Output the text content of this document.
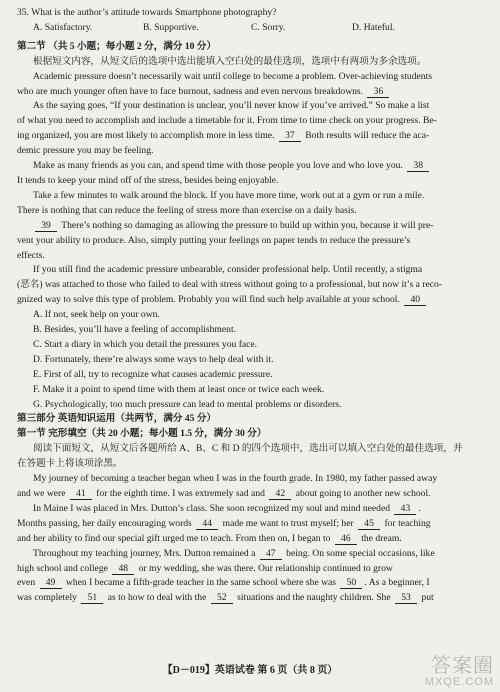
35. What is the author’s attitude towards Smartphone photography?
A. Satisfactory.	B. Supportive.	C. Sorry.	D. Hateful.
第二节 （共 5 小题；每小题 2 分，满分 10 分）
根据短文内容，从短文后的选项中选出能填入空白处的最佳选项，选项中有两项为多余选项。
Academic pressure doesn’t necessarily wait until college to become a problem. Over-achieving students
who are much younger often have to face burnout, sadness and even nervous breakdowns. 36
As the saying goes, “If your destination is unclear, you’ll never know if you’ve arrived.” So make a list
of what you need to accomplish and include a timetable for it. From time to time check on your progress. Be-
ing organized, you are most likely to accomplish more in less time. 37 Both results will reduce the aca-
demic pressure you may be feeling.
Make as many friends as you can, and spend time with those people you love and who love you. 38
It tends to keep your mind off of the stress, besides being enjoyable.
Take a few minutes to walk around the block. If you have more time, work out at a gym or run a mile.
There is nothing that can reduce the feeling of stress more than exercise on a daily basis.
39 There’s nothing so damaging as allowing the pressure to build up within you, because it will pre-
vent your ability to produce. Also, simply putting your feelings on paper tends to reduce the pressure’s
effects.
If you still find the academic pressure unbearable, consider professional help. Until recently, a stigma
(恶名) was attached to those who failed to deal with stress without going to a professional, but now it’s a reco-
gnized way to solve this type of problem. Probably you will find such help available at your school. 40
A. If not, seek help on your own.
B. Besides, you’ll have a feeling of accomplishment.
C. Start a diary in which you detail the pressures you face.
D. Fortunately, there’re always some ways to help deal with it.
E. First of all, try to recognize what causes academic pressure.
F. Make it a point to spend time with them at least once or twice each week.
G. Psychologically, too much pressure can lead to mental problems or disorders.
第三部分 英语知识运用（共两节，满分 45 分）
第一节 完形填空（共 20 小题；每小题 1.5 分，满分 30 分）
阅读下面短文，从短文后各题所给 A、B、C 和 D 的四个选项中，选出可以填入空白处的最佳选项，并
在答题卡上将该项涂黑。
My journey of becoming a teacher began when I was in the fourth grade. In 1980, my father passed away
and we were 41 for the eighth time. I was extremely sad and 42 about going to another new school.
In Maine I was placed in Mrs. Dutton’s class. She soon recognized my soul and mind needed 43 .
Months passing, her daily encouraging words 44 made me want to trust myself; her 45 for teaching
and her ability to find our special gift urged me to teach. From then on, I began to 46 the dream.
Throughout my teaching journey, Mrs. Dutton remained a 47 being. On some special occasions, like
high school and college 48 or my wedding, she was there. Our relationship continued to grow
even 49 when I became a fifth-grade teacher in the same school where she was 50 . As a beginner, I
was completely 51 as to how to deal with the 52 situations and the naughty children. She 53 put
【D－019】英语试卷 第 6 页（共 8 页）	答案圈
MXQE.COM
